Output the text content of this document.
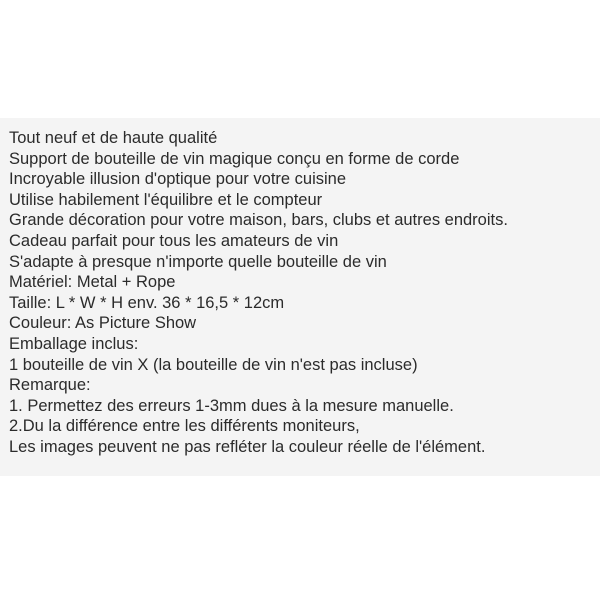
Tout neuf et de haute qualité
Support de bouteille de vin magique conçu en forme de corde
Incroyable illusion d'optique pour votre cuisine
Utilise habilement l'équilibre et le compteur
Grande décoration pour votre maison, bars, clubs et autres endroits.
Cadeau parfait pour tous les amateurs de vin
S'adapte à presque n'importe quelle bouteille de vin
Matériel: Metal + Rope
Taille: L * W * H env. 36 * 16,5 * 12cm
Couleur: As Picture Show
Emballage inclus:
1 bouteille de vin X (la bouteille de vin n'est pas incluse)
Remarque:
1. Permettez des erreurs 1-3mm dues à la mesure manuelle.
2.Du la différence entre les différents moniteurs,
Les images peuvent ne pas refléter la couleur réelle de l'élément.
